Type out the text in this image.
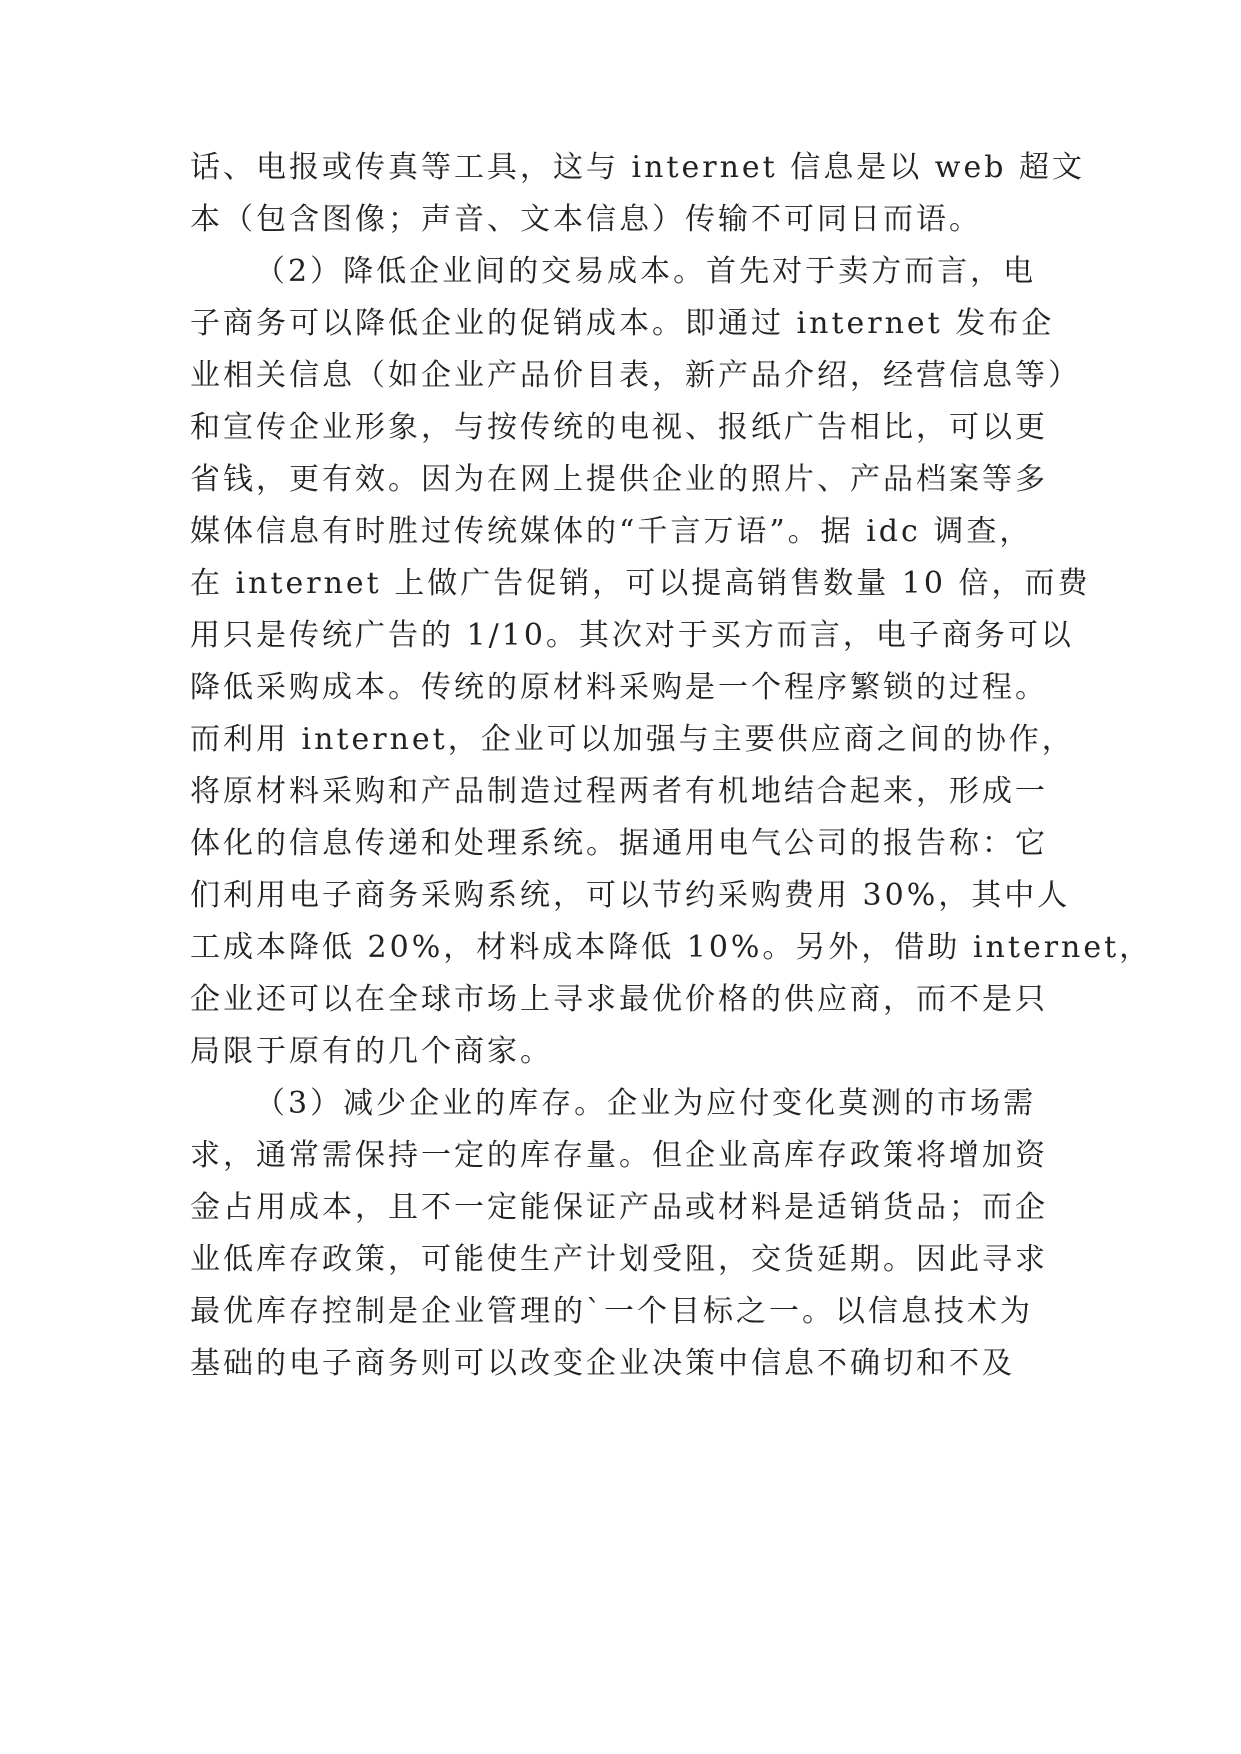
话、电报或传真等工具，这与 internet 信息是以 web 超文
本（包含图像；声音、文本信息）传输不可同日而语。
（2）降低企业间的交易成本。首先对于卖方而言，电
子商务可以降低企业的促销成本。即通过 internet 发布企
业相关信息（如企业产品价目表，新产品介绍，经营信息等）
和宣传企业形象，与按传统的电视、报纸广告相比，可以更
省钱，更有效。因为在网上提供企业的照片、产品档案等多
媒体信息有时胜过传统媒体的“千言万语”。据 idc 调查，
在 internet 上做广告促销，可以提高销售数量 10 倍，而费
用只是传统广告的 1/10。其次对于买方而言，电子商务可以
降低采购成本。传统的原材料采购是一个程序繁锁的过程。
而利用 internet，企业可以加强与主要供应商之间的协作，
将原材料采购和产品制造过程两者有机地结合起来，形成一
体化的信息传递和处理系统。据通用电气公司的报告称：它
们利用电子商务采购系统，可以节约采购费用 30%，其中人
工成本降低 20%，材料成本降低 10%。另外，借助 internet，
企业还可以在全球市场上寻求最优价格的供应商，而不是只
局限于原有的几个商家。
（3）减少企业的库存。企业为应付变化莫测的市场需
求，通常需保持一定的库存量。但企业高库存政策将增加资
金占用成本，且不一定能保证产品或材料是适销货品；而企
业低库存政策，可能使生产计划受阻，交货延期。因此寻求
最优库存控制是企业管理的`一个目标之一。以信息技术为
基础的电子商务则可以改变企业决策中信息不确切和不及
